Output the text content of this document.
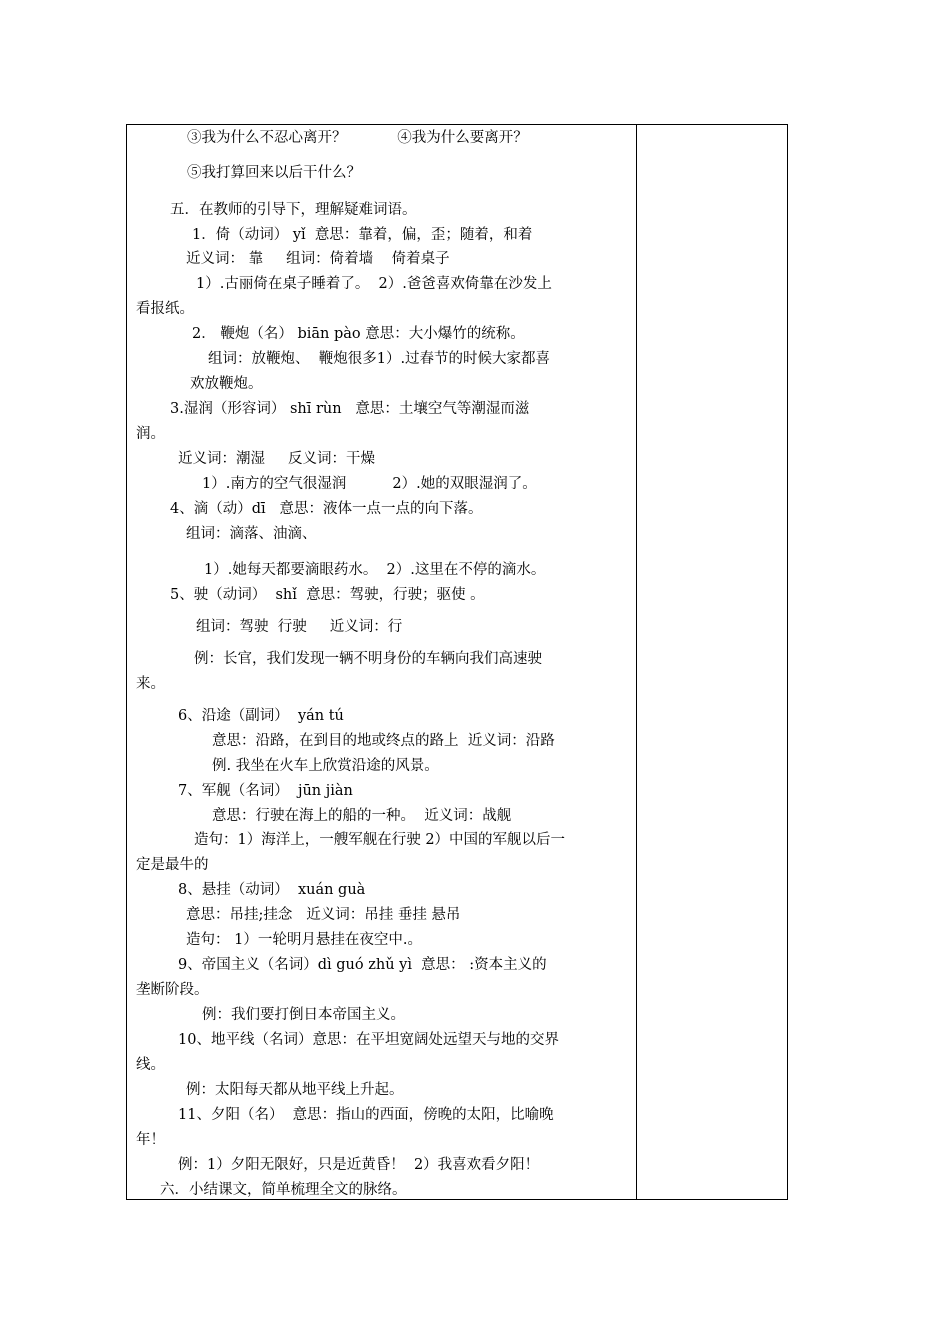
③我为什么不忍心离开？           ④我为什么要离开？
⑤我打算回来以后干什么？
五．在教师的引导下，理解疑难词语。
1．倚（动词） yǐ  意思：靠着，偏，歪；随着，和着
近义词： 靠     组词：倚着墙    倚着桌子
1）.古丽倚在桌子睡着了。  2）.爸爸喜欢倚靠在沙发上
看报纸。
2． 鞭炮（名） biān pào 意思：大小爆竹的统称。
组词：放鞭炮、  鞭炮很多1）.过春节的时候大家都喜
欢放鞭炮。
3.湿润（形容词） shī rùn   意思：土壤空气等潮湿而滋
润。
近义词：潮湿     反义词：干燥
1）.南方的空气很湿润          2）.她的双眼湿润了。
4、滴（动）dī   意思：液体一点一点的向下落。
组词：滴落、油滴、
1）.她每天都要滴眼药水。  2）.这里在不停的滴水。
5、驶（动词）  shǐ  意思：驾驶，行驶；驱使 。
组词：驾驶  行驶     近义词：行
例：长官，我们发现一辆不明身份的车辆向我们高速驶
来。
6、沿途（副词）  yán tú
意思：沿路，在到目的地或终点的路上  近义词：沿路
例. 我坐在火车上欣赏沿途的风景。
7、军舰（名词）  jūn jiàn
意思：行驶在海上的船的一种。  近义词：战舰
造句：1）海洋上，一艘军舰在行驶 2）中国的军舰以后一
定是最牛的
8、悬挂（动词）  xuán guà
意思：吊挂;挂念   近义词：吊挂 垂挂 悬吊
造句： 1）一轮明月悬挂在夜空中.。
9、帝国主义（名词）dì guó zhǔ yì  意思： :资本主义的
垄断阶段。
例：我们要打倒日本帝国主义。
10、地平线（名词）意思：在平坦宽阔处远望天与地的交界
线。
例：太阳每天都从地平线上升起。
11、夕阳（名）  意思：指山的西面，傍晚的太阳，比喻晚
年！
例：1）夕阳无限好，只是近黄昏！  2）我喜欢看夕阳！
六．小结课文，简单梳理全文的脉络。
